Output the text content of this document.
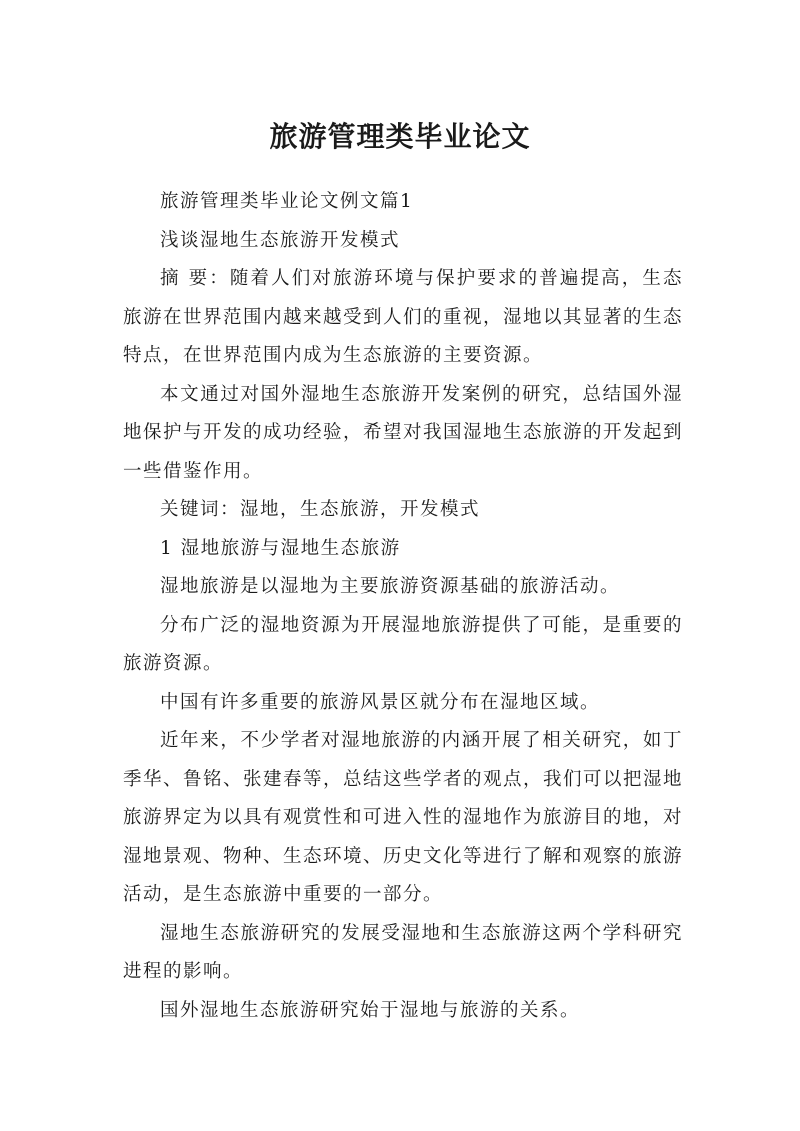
旅游管理类毕业论文

旅游管理类毕业论文例文篇1

浅谈湿地生态旅游开发模式

摘 要：随着人们对旅游环境与保护要求的普遍提高，生态旅游在世界范围内越来越受到人们的重视，湿地以其显著的生态特点，在世界范围内成为生态旅游的主要资源。

本文通过对国外湿地生态旅游开发案例的研究，总结国外湿地保护与开发的成功经验，希望对我国湿地生态旅游的开发起到一些借鉴作用。

关键词：湿地，生态旅游，开发模式

1 湿地旅游与湿地生态旅游

湿地旅游是以湿地为主要旅游资源基础的旅游活动。

分布广泛的湿地资源为开展湿地旅游提供了可能，是重要的旅游资源。

中国有许多重要的旅游风景区就分布在湿地区域。

近年来，不少学者对湿地旅游的内涵开展了相关研究，如丁季华、鲁铭、张建春等，总结这些学者的观点，我们可以把湿地旅游界定为以具有观赏性和可进入性的湿地作为旅游目的地，对湿地景观、物种、生态环境、历史文化等进行了解和观察的旅游活动，是生态旅游中重要的一部分。

湿地生态旅游研究的发展受湿地和生态旅游这两个学科研究进程的影响。

国外湿地生态旅游研究始于湿地与旅游的关系。
